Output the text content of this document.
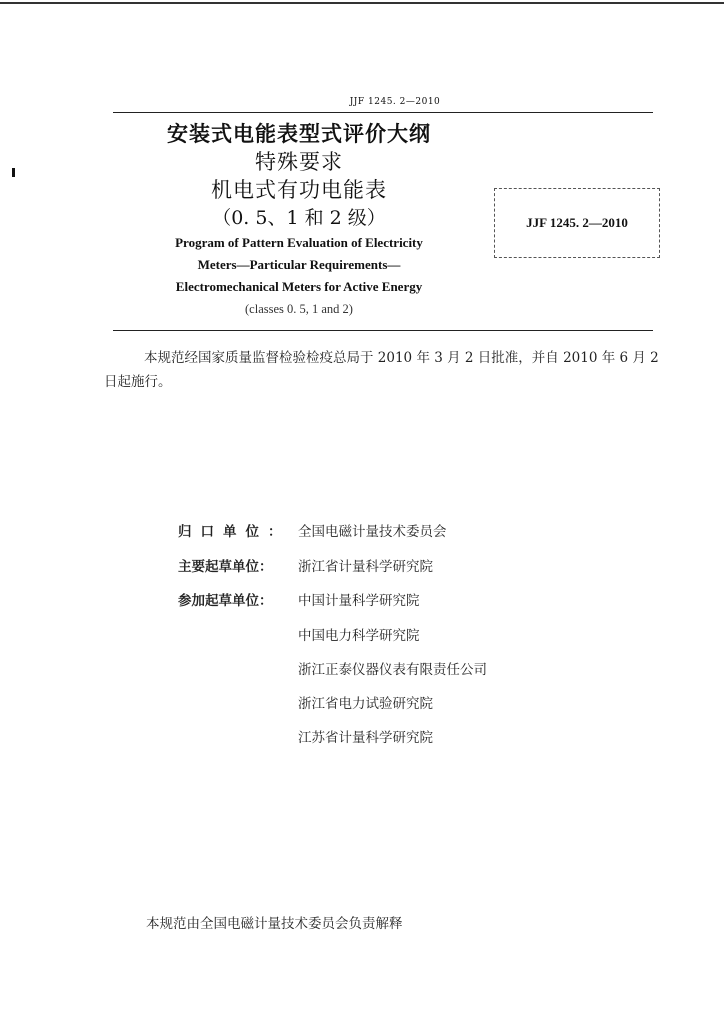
JJF 1245. 2—2010
安装式电能表型式评价大纲
特殊要求
机电式有功电能表
（0. 5、1 和 2 级）
Program of Pattern Evaluation of Electricity
Meters—Particular Requirements—
Electromechanical Meters for Active Energy
(classes 0. 5, 1 and 2)
JJF 1245. 2—2010
本规范经国家质量监督检验检疫总局于 2010 年 3 月 2 日批准，并自 2010 年 6 月 2 日起施行。
归口单位： 全国电磁计量技术委员会
主要起草单位：	浙江省计量科学研究院
参加起草单位：	中国计量科学研究院
中国电力科学研究院
浙江正泰仪器仪表有限责任公司
浙江省电力试验研究院
江苏省计量科学研究院
本规范由全国电磁计量技术委员会负责解释
